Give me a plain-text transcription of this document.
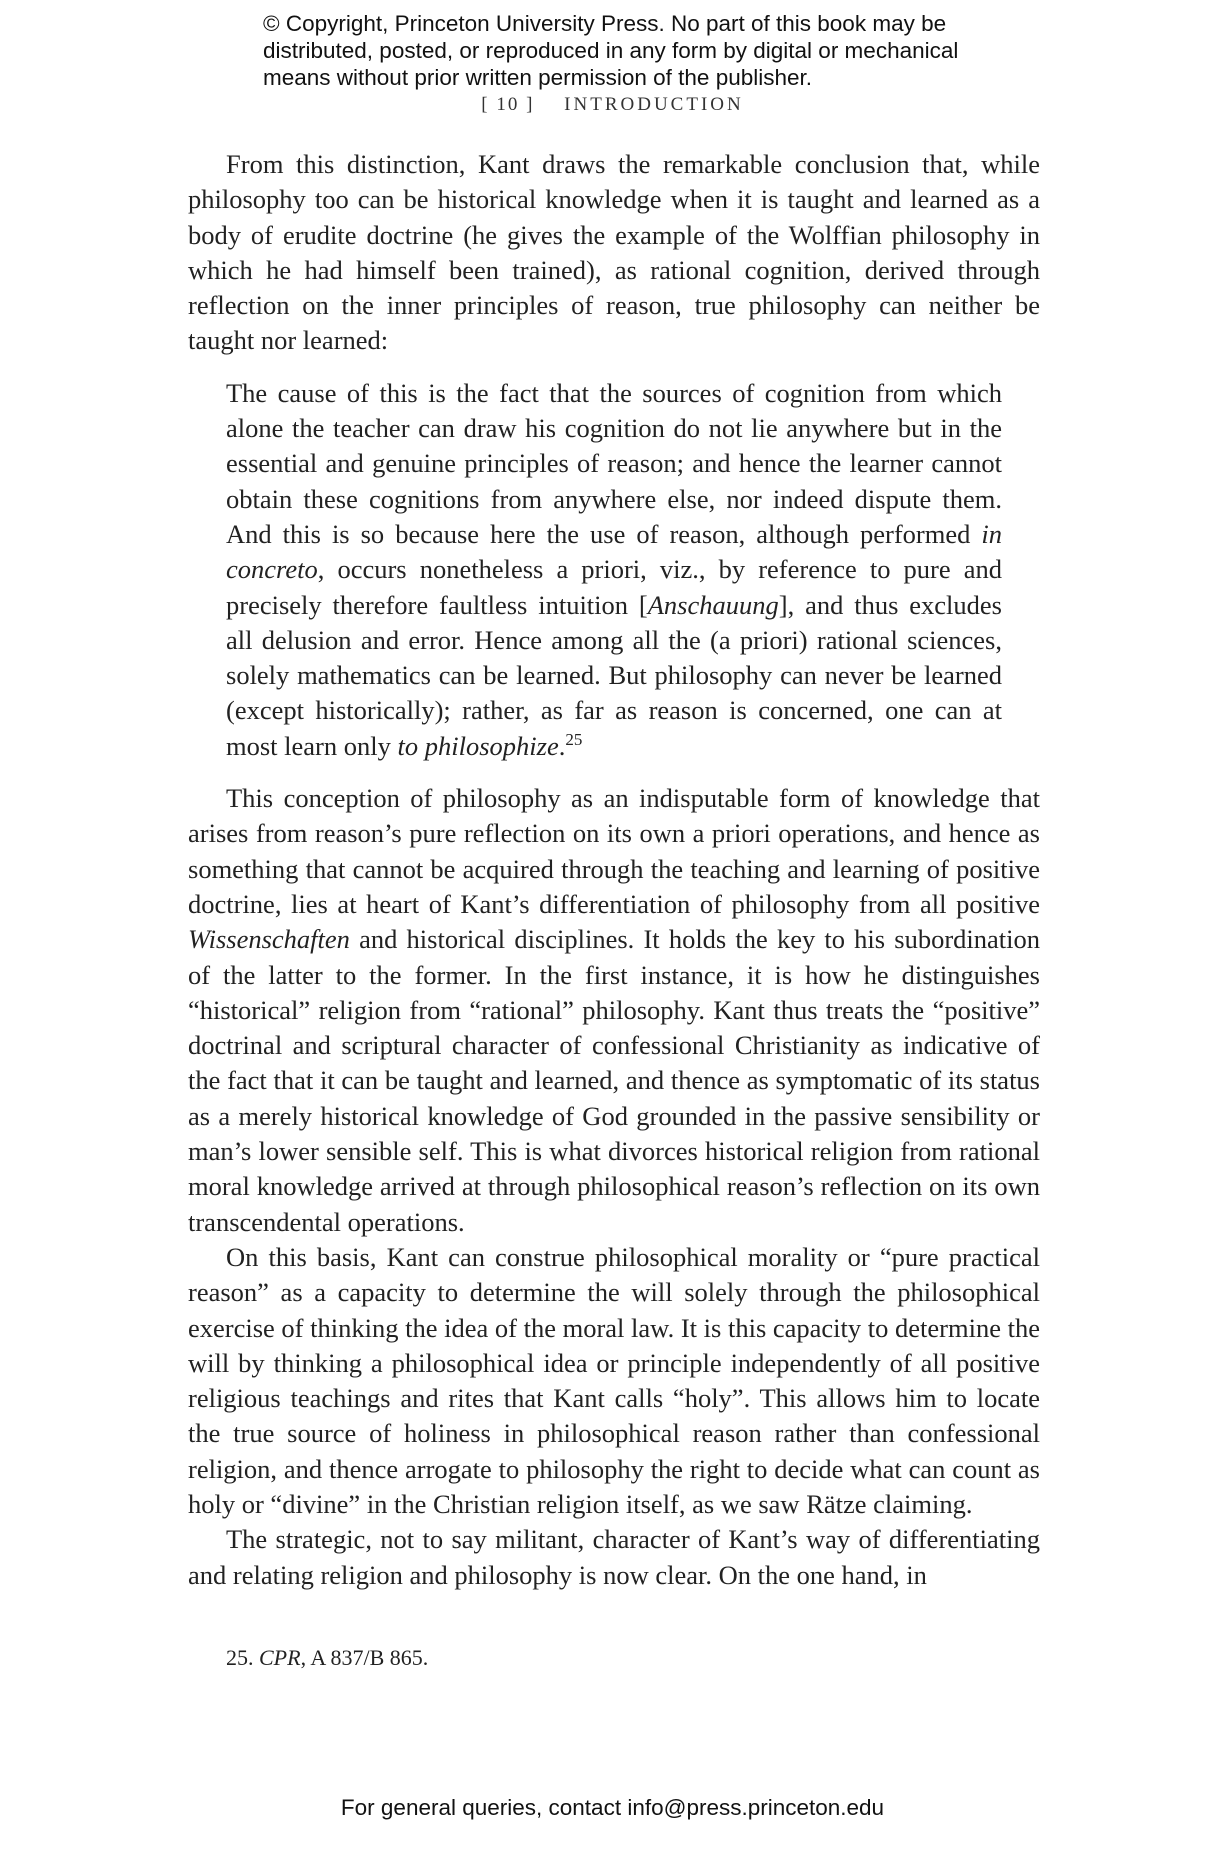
© Copyright, Princeton University Press. No part of this book may be
distributed, posted, or reproduced in any form by digital or mechanical
means without prior written permission of the publisher.
[ 10 ] INTRODUCTION

From this distinction, Kant draws the remarkable conclusion that, while philosophy too can be historical knowledge when it is taught and learned as a body of erudite doctrine (he gives the example of the Wolffian philosophy in which he had himself been trained), as rational cognition, derived through reflection on the inner principles of reason, true philosophy can neither be taught nor learned:

The cause of this is the fact that the sources of cognition from which alone the teacher can draw his cognition do not lie anywhere but in the essential and genuine principles of reason; and hence the learner cannot obtain these cognitions from anywhere else, nor indeed dispute them. And this is so because here the use of reason, although performed in concreto, occurs nonetheless a priori, viz., by reference to pure and precisely therefore faultless intuition [Anschauung], and thus excludes all delusion and error. Hence among all the (a priori) rational sciences, solely mathematics can be learned. But philosophy can never be learned (except historically); rather, as far as reason is concerned, one can at most learn only to philosophize.$^{25}$

This conception of philosophy as an indisputable form of knowledge that arises from reason’s pure reflection on its own a priori operations, and hence as something that cannot be acquired through the teaching and learning of positive doctrine, lies at heart of Kant’s differentiation of philosophy from all positive Wissenschaften and historical disciplines. It holds the key to his subordination of the latter to the former. In the first instance, it is how he distinguishes “historical” religion from “rational” philosophy. Kant thus treats the “positive” doctrinal and scriptural character of confessional Christianity as indicative of the fact that it can be taught and learned, and thence as symptomatic of its status as a merely historical knowledge of God grounded in the passive sensibility or man’s lower sensible self. This is what divorces historical religion from rational moral knowledge arrived at through philosophical reason’s reflection on its own transcendental operations.

On this basis, Kant can construe philosophical morality or “pure practical reason” as a capacity to determine the will solely through the philosophical exercise of thinking the idea of the moral law. It is this capacity to determine the will by thinking a philosophical idea or principle independently of all positive religious teachings and rites that Kant calls “holy”. This allows him to locate the true source of holiness in philosophical reason rather than confessional religion, and thence arrogate to philosophy the right to decide what can count as holy or “divine” in the Christian religion itself, as we saw Rätze claiming.

The strategic, not to say militant, character of Kant’s way of differentiating and relating religion and philosophy is now clear. On the one hand, in

25. CPR, A 837/B 865.
For general queries, contact info@press.princeton.edu
